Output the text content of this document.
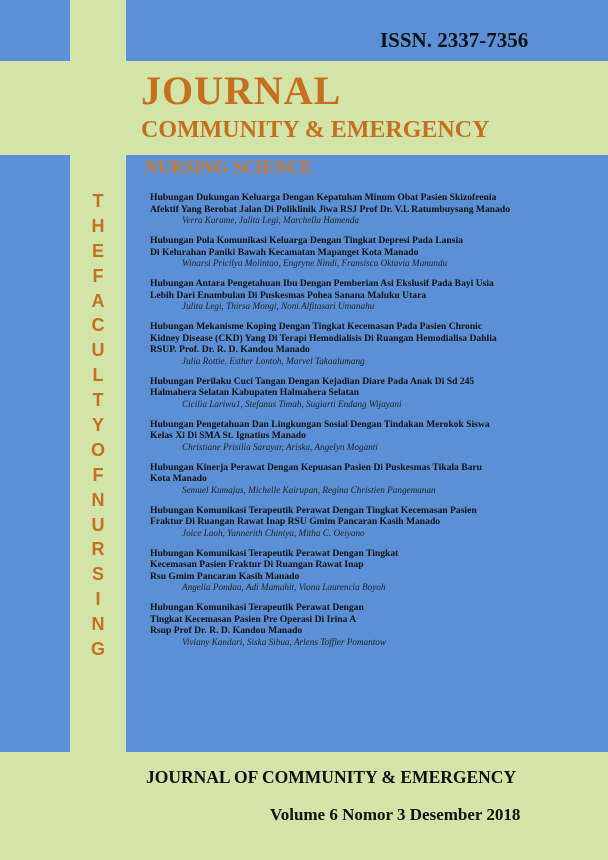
ISSN. 2337-7356

JOURNAL
COMMUNITY & EMERGENCY
NURSING SCIENCE
T
H
E
F
A
C
U
L
T
Y
O
F
N
U
R
S
I
N
G
Hubungan Dukungan Keluarga Dengan Kepatuhan Minum Obat Pasien Skizofrenia
Afektif Yang Berobat Jalan Di Poliklinik Jiwa RSJ Prof Dr. V.L Ratumbuysang Manado
Verra Karame, Julita Legi, Marchella Hamenda
Hubungan Pola Komunikasi Keluarga Dengan Tingkat Depresi Pada Lansia
Di Kelurahan Paniki Bawah Kecamatan Mapanget Kota Manado
Winarsi Pricilya Molintao, Engryne Nindi, Fransisca Oktavia Manundu
Hubungan Antara Pengetahuan Ibu Dengan Pemberian Asi Ekslusif Pada Bayi Usia
Lebih Dari Enambulan Di Puskesmas Pohea Sanana Maluku Utara
Julita Legi, Thirsa Mongi, Noni Alfitasari Umanahu
Hubungan Mekanisme Koping Dengan Tingkat Kecemasan Pada Pasien Chronic
Kidney Disease (CKD) Yang Di Terapi Hemodialisis Di Ruangan Hemodialisa Dahlia
RSUP. Prof. Dr. R. D. Kandou Manado
Julia Rottie, Esther Lontoh, Marvel Takaalumang
Hubungan Perilaku Cuci Tangan Dengan Kejadian Diare Pada Anak Di Sd 245
Halmahera Selatan Kabupaten Halmahera Selatan
Cicilia Lariwu1, Stefanus Timah, Sugiarti Endang Wijayani
Hubungan Pengetahuan Dan Lingkungan Sosial Dengan Tindakan Merokok Siswa
Kelas Xi Di SMA St. Ignatius Manado
Christiane Prisilia Sarayar, Ariska, Angelyn Moganti
Hubungan Kinerja Perawat Dengan Kepuasan Pasien Di Puskesmas Tikala Baru
Kota Manado
Semuel Kumajas, Michelle Kairupan, Regina Christien Pangemanan
Hubungan Komunikasi Terapeutik Perawat Dengan Tingkat Kecemasan Pasien
Fraktur Di Ruangan Rawat Inap RSU Gmim Pancaran Kasih Manado
Joice Laoh, Yannerith Chintya, Mitha C. Oeiyano
Hubungan Komunikasi Terapeutik Perawat Dengan Tingkat
Kecemasan Pasien Fraktur Di Ruangan Rawat Inap
Rsu Gmim Pancaran Kasih Manado
Angelia Pondaa, Adi Mamahit, Viona Laurencia Boyoh
Hubungan Komunikasi Terapeutik Perawat Dengan
Tingkat Kecemasan Pasien Pre Operasi Di Irina A
Rsup Prof Dr. R. D. Kandou Manado
Viviany Kandari, Siska Sibua, Arlens Toffler Pomantow

JOURNAL OF COMMUNITY & EMERGENCY

Volume 6 Nomor 3 Desember 2018
